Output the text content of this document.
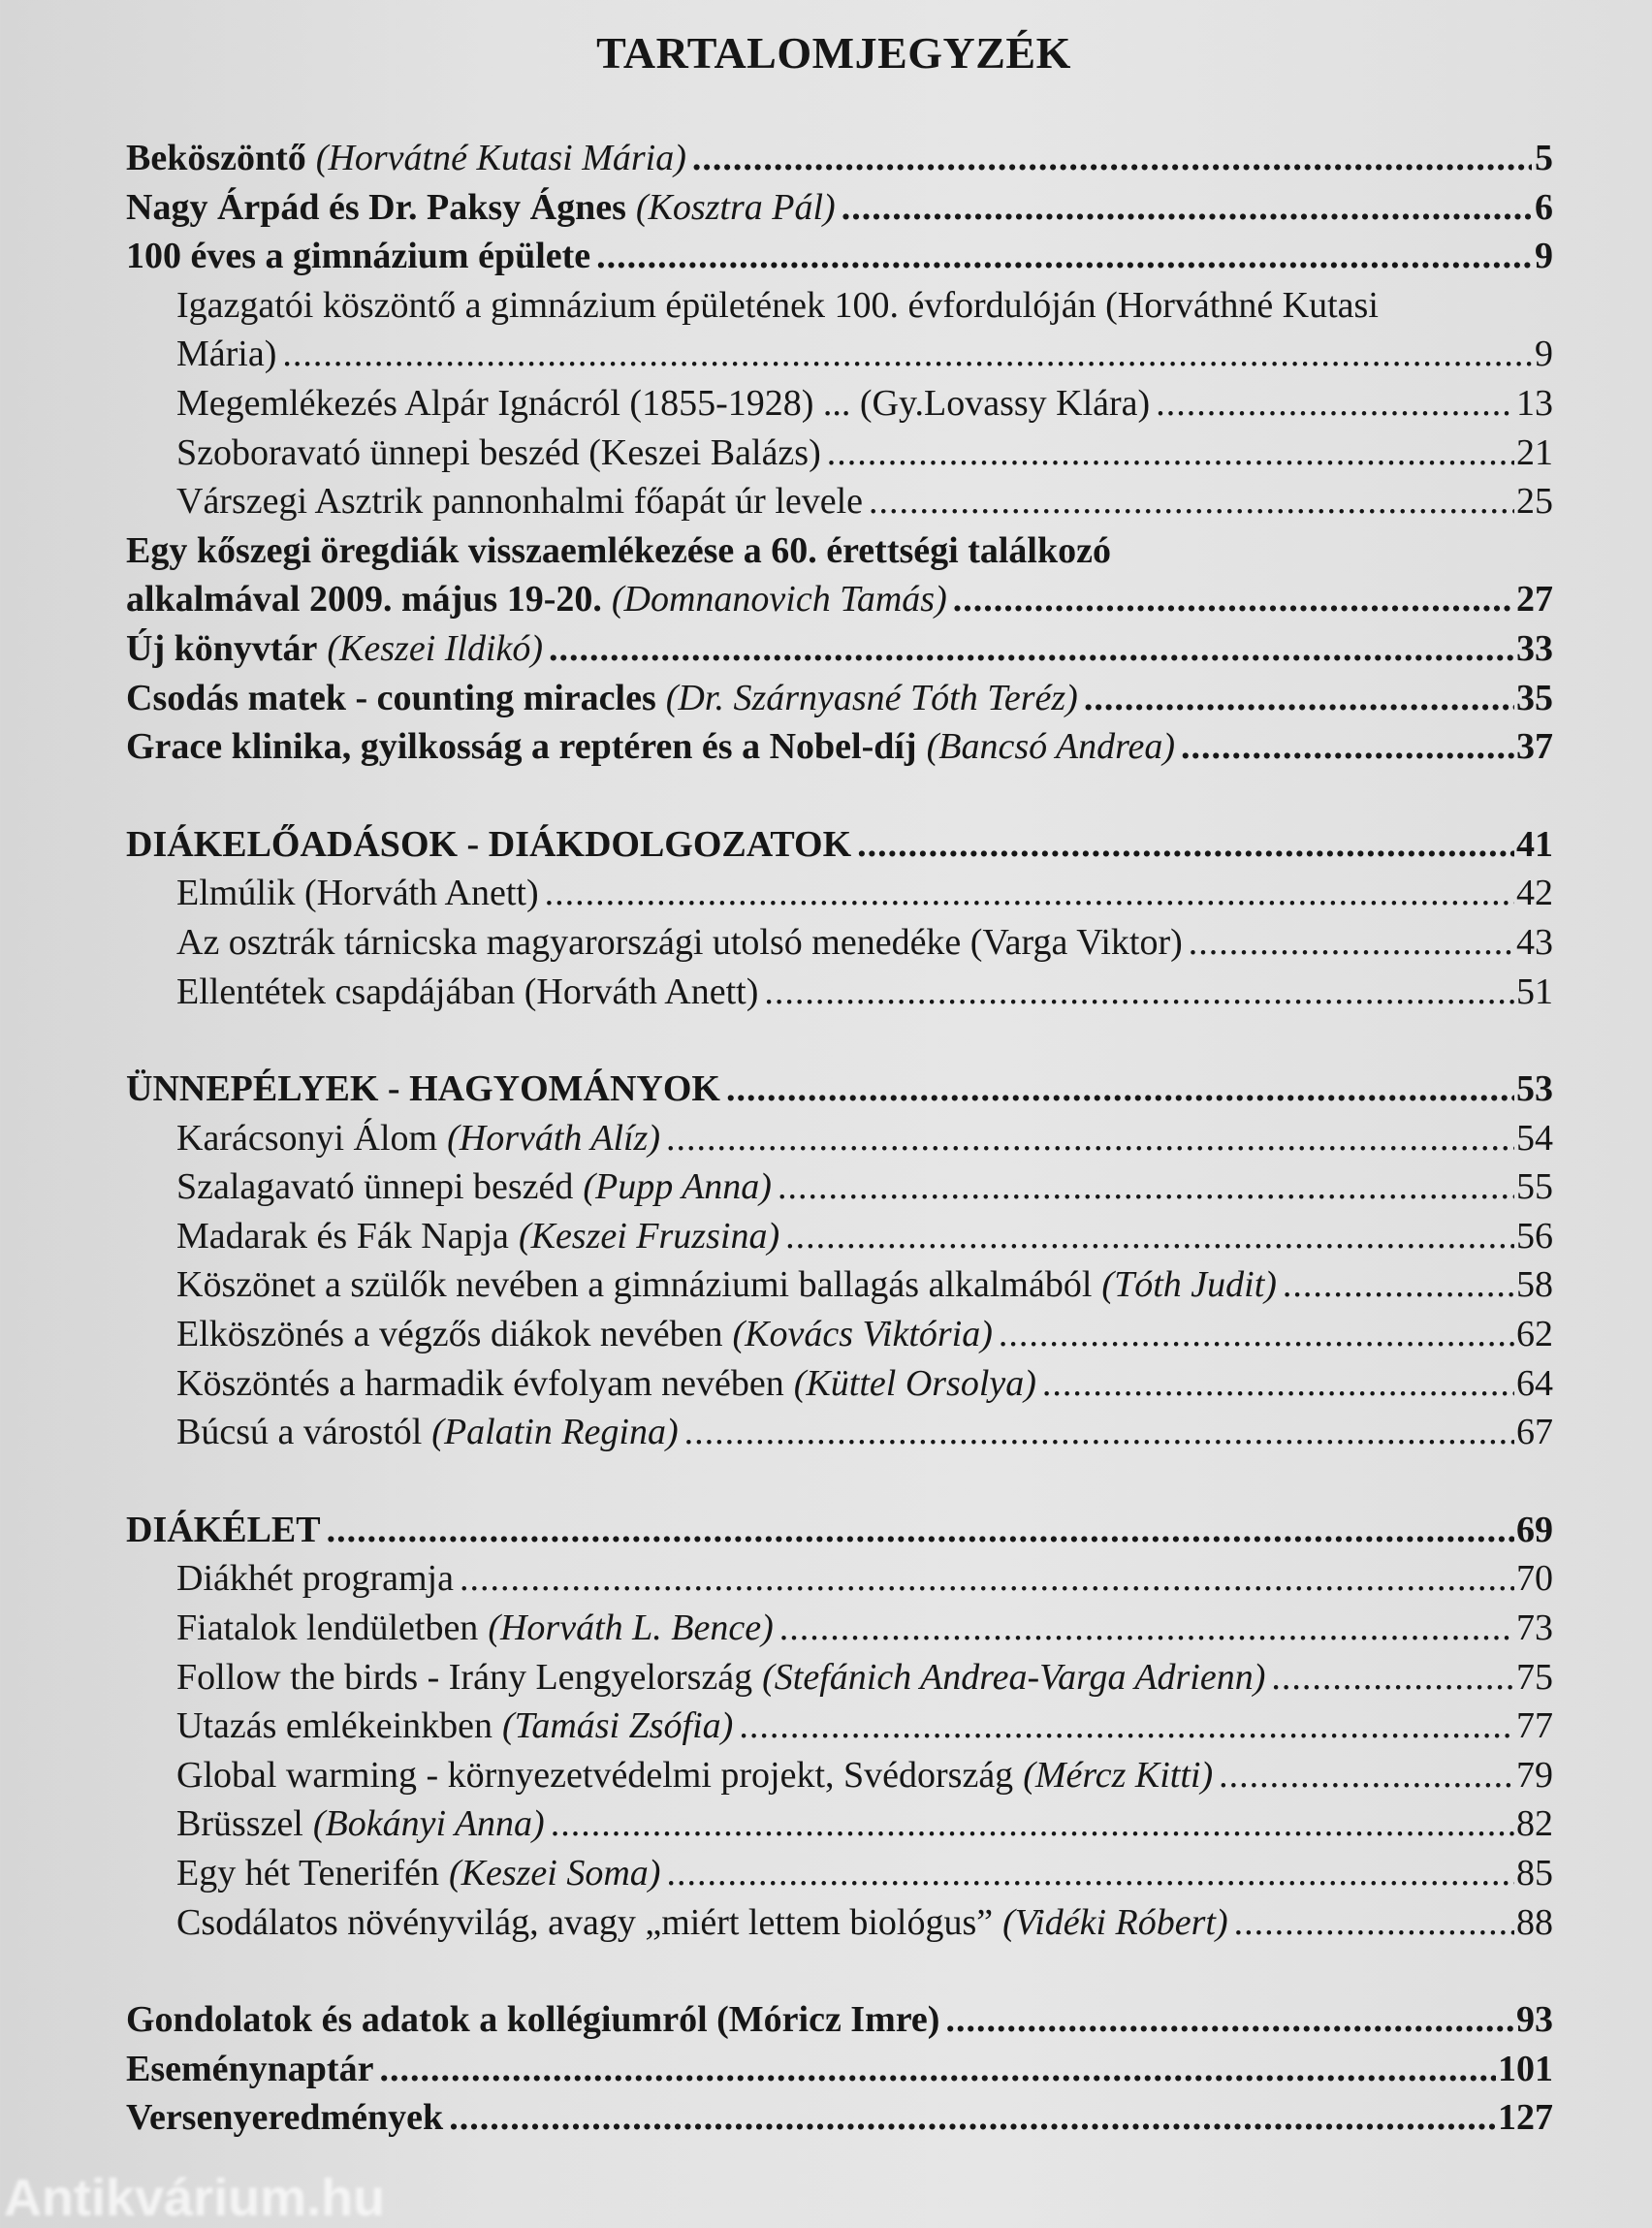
TARTALOMJEGYZÉK
Beköszöntő (Horvátné Kutasi Mária) .....	5
Nagy Árpád és Dr. Paksy Ágnes (Kosztra Pál) .....	6
100 éves a gimnázium épülete .....	9
Igazgatói köszöntő a gimnázium épületének 100. évfordulóján (Horváthné Kutasi
Mária) .....	9
Megemlékezés Alpár Ignácról (1855-1928) ... (Gy.Lovassy Klára) .....	13
Szoboravató ünnepi beszéd (Keszei Balázs) .....	21
Várszegi Asztrik pannonhalmi főapát úr levele .....	25
Egy kőszegi öregdiák visszaemlékezése a 60. érettségi találkozó
alkalmával 2009. május 19-20. (Domnanovich Tamás) .....	27
Új könyvtár (Keszei Ildikó) .....	33
Csodás matek - counting miracles (Dr. Szárnyasné Tóth Teréz) .....	35
Grace klinika, gyilkosság a reptéren és a Nobel-díj (Bancsó Andrea) .....	37
DIÁKELŐADÁSOK - DIÁKDOLGOZATOK .....	41
Elmúlik (Horváth Anett) .....	42
Az osztrák tárnicska magyarországi utolsó menedéke (Varga Viktor) .....	43
Ellentétek csapdájában (Horváth Anett) .....	51
ÜNNEPÉLYEK - HAGYOMÁNYOK .....	53
Karácsonyi Álom (Horváth Alíz) .....	54
Szalagavató ünnepi beszéd (Pupp Anna) .....	55
Madarak és Fák Napja (Keszei Fruzsina) .....	56
Köszönet a szülők nevében a gimnáziumi ballagás alkalmából (Tóth Judit) .....	58
Elköszönés a végzős diákok nevében (Kovács Viktória) .....	62
Köszöntés a harmadik évfolyam nevében (Küttel Orsolya) .....	64
Búcsú a várostól (Palatin Regina) .....	67
DIÁKÉLET .....	69
Diákhét programja .....	70
Fiatalok lendületben (Horváth L. Bence) .....	73
Follow the birds - Irány Lengyelország (Stefánich Andrea-Varga Adrienn) .....	75
Utazás emlékeinkben (Tamási Zsófia) .....	77
Global warming - környezetvédelmi projekt, Svédország (Mércz Kitti) .....	79
Brüsszel (Bokányi Anna) .....	82
Egy hét Tenerifén (Keszei Soma) .....	85
Csodálatos növényvilág, avagy „miért lettem biológus” (Vidéki Róbert) .....	88
Gondolatok és adatok a kollégiumról (Móricz Imre) .....	93
Eseménynaptár .....	101
Versenyeredmények .....	127
Antikvárium.hu
